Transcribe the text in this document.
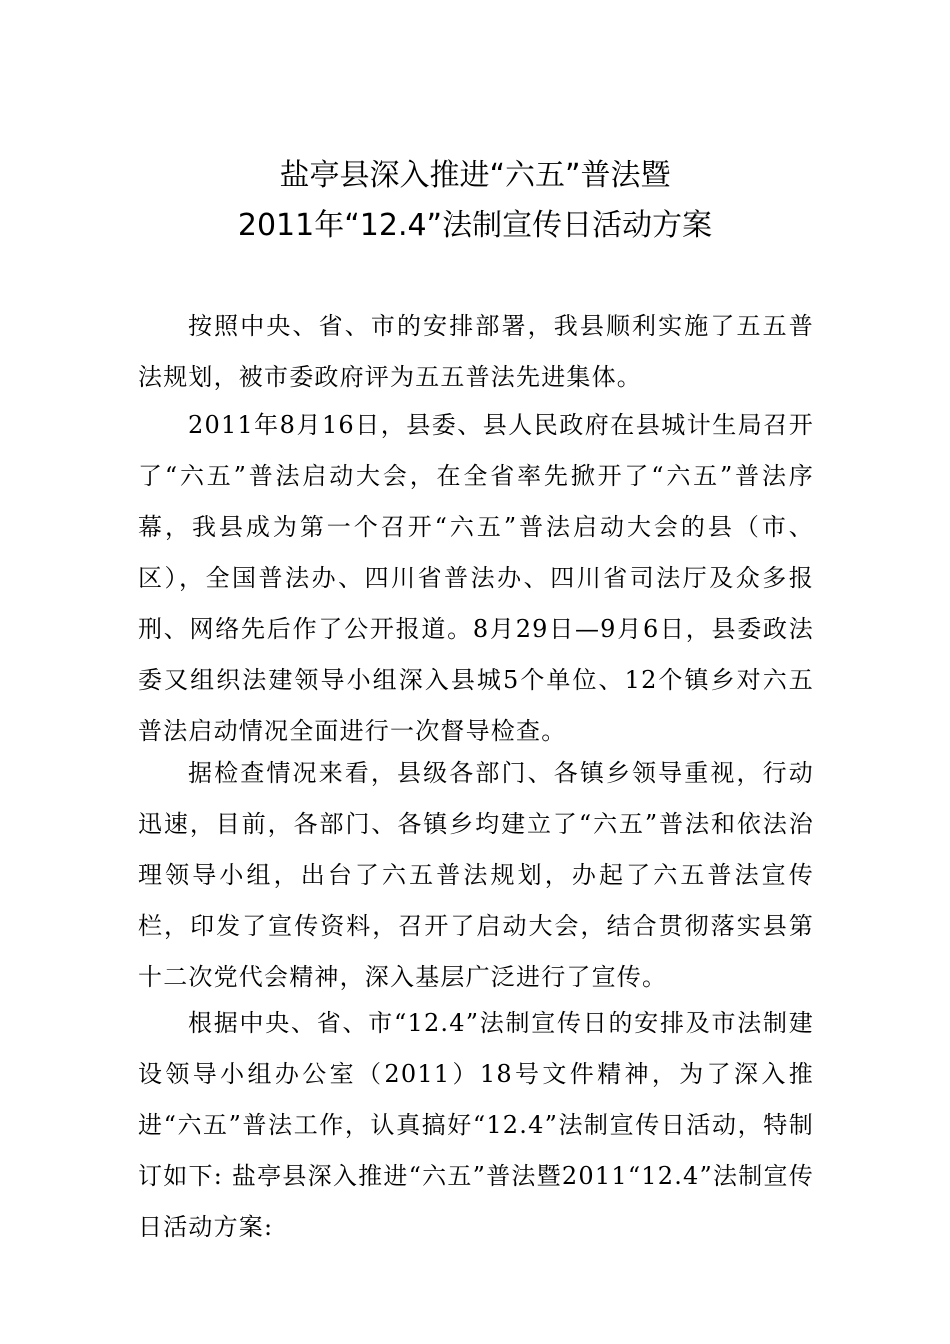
盐亭县深入推进“六五”普法暨
2011年“12.4”法制宣传日活动方案

按照中央、省、市的安排部署，我县顺利实施了五五普法规划，被市委政府评为五五普法先进集体。

2011年8月16日，县委、县人民政府在县城计生局召开了“六五”普法启动大会，在全省率先掀开了“六五”普法序幕，我县成为第一个召开“六五”普法启动大会的县（市、区），全国普法办、四川省普法办、四川省司法厅及众多报刑、网络先后作了公开报道。8月29日—9月6日，县委政法委又组织法建领导小组深入县城5个单位、12个镇乡对六五普法启动情况全面进行一次督导检查。

据检查情况来看，县级各部门、各镇乡领导重视，行动迅速，目前，各部门、各镇乡均建立了“六五”普法和依法治理领导小组，出台了六五普法规划，办起了六五普法宣传栏，印发了宣传资料，召开了启动大会，结合贯彻落实县第十二次党代会精神，深入基层广泛进行了宣传。

根据中央、省、市“12.4”法制宣传日的安排及市法制建设领导小组办公室（2011）18号文件精神，为了深入推进“六五”普法工作，认真搞好“12.4”法制宣传日活动，特制订如下: 盐亭县深入推进“六五”普法暨2011“12.4”法制宣传日活动方案:
